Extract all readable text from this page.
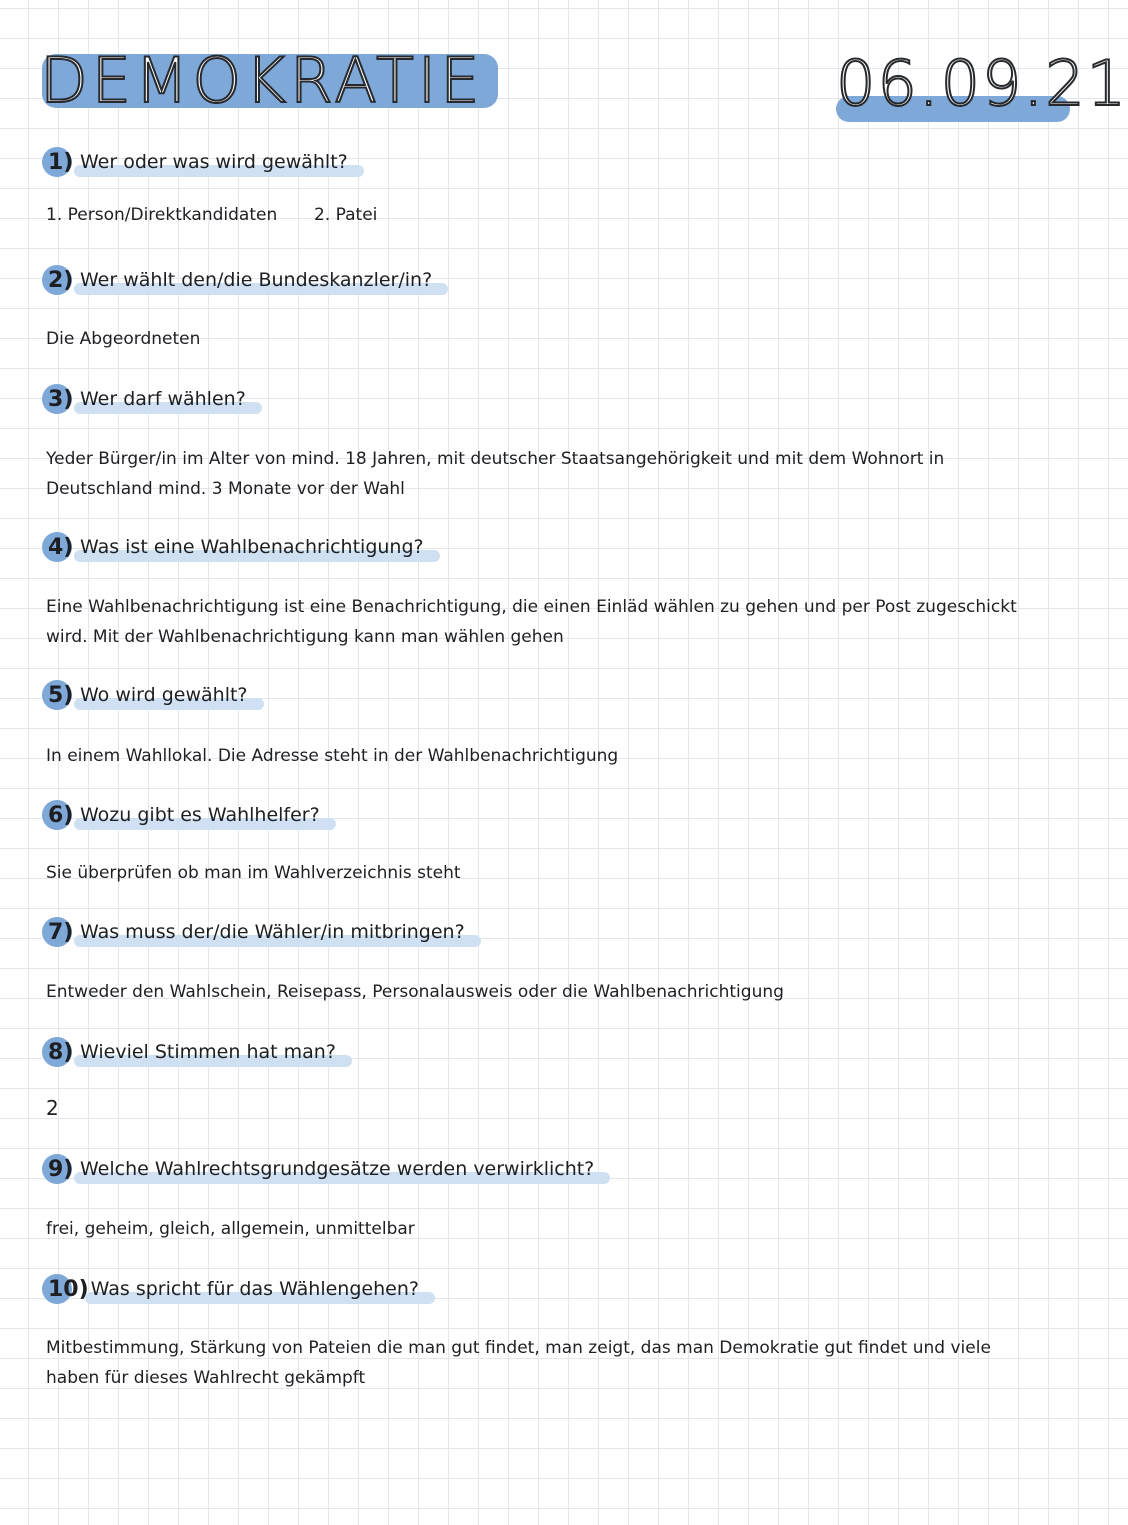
DEMOKRATIE	06.09.21
1) Wer oder was wird gewählt?
1. Person/Direktkandidaten 2. Patei
2) Wer wählt den/die Bundeskanzler/in?
Die Abgeordneten
3) Wer darf wählen?
Yeder Bürger/in im Alter von mind. 18 Jahren, mit deutscher Staatsangehörigkeit und mit dem Wohnort in Deutschland mind. 3 Monate vor der Wahl
4) Was ist eine Wahlbenachrichtigung?
Eine Wahlbenachrichtigung ist eine Benachrichtigung, die einen Einläd wählen zu gehen und per Post zugeschickt wird. Mit der Wahlbenachrichtigung kann man wählen gehen
5) Wo wird gewählt?
In einem Wahllokal. Die Adresse steht in der Wahlbenachrichtigung
6) Wozu gibt es Wahlhelfer?
Sie überprüfen ob man im Wahlverzeichnis steht
7) Was muss der/die Wähler/in mitbringen?
Entweder den Wahlschein, Reisepass, Personalausweis oder die Wahlbenachrichtigung
8) Wieviel Stimmen hat man?
2
9) Welche Wahlrechtsgrundgesätze werden verwirklicht?
frei, geheim, gleich, allgemein, unmittelbar
10) Was spricht für das Wählengehen?
Mitbestimmung, Stärkung von Pateien die man gut findet, man zeigt, das man Demokratie gut findet und viele haben für dieses Wahlrecht gekämpft
